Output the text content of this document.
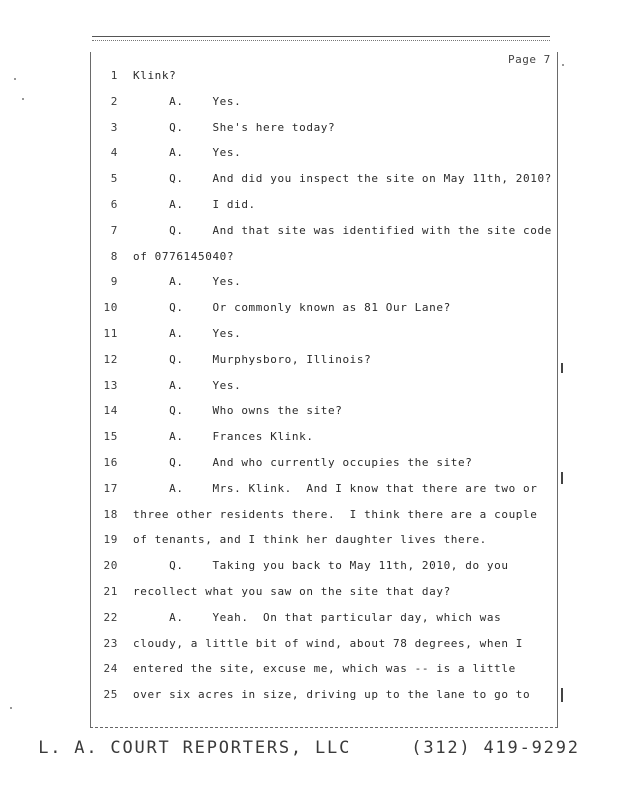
Page 7
1 Klink?
2 A.    Yes.
3 Q.    She's here today?
4 A.    Yes.
5 Q.    And did you inspect the site on May 11th, 2010?
6 A.    I did.
7 Q.    And that site was identified with the site code
8 of 0776145040?
9 A.    Yes.
10 Q.    Or commonly known as 81 Our Lane?
11 A.    Yes.
12 Q.    Murphysboro, Illinois?
13 A.    Yes.
14 Q.    Who owns the site?
15 A.    Frances Klink.
16 Q.    And who currently occupies the site?
17 A.    Mrs. Klink.  And I know that there are two or
18 three other residents there.  I think there are a couple
19 of tenants, and I think her daughter lives there.
20 Q.    Taking you back to May 11th, 2010, do you
21 recollect what you saw on the site that day?
22 A.    Yeah.  On that particular day, which was
23 cloudy, a little bit of wind, about 78 degrees, when I
24 entered the site, excuse me, which was -- is a little
25 over six acres in size, driving up to the lane to go to
L. A. COURT REPORTERS, LLC     (312) 419-9292
